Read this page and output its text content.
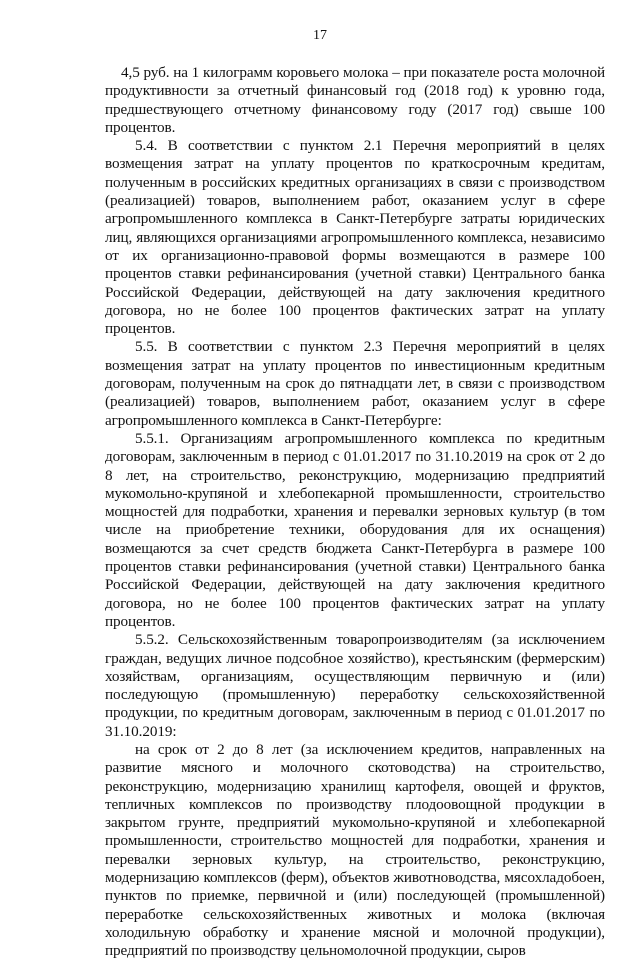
17

4,5 руб. на 1 килограмм коровьего молока – при показателе роста молочной продуктивности за отчетный финансовый год (2018 год) к уровню года, предшествующего отчетному финансовому году (2017 год) свыше 100 процентов.

5.4. В соответствии с пунктом 2.1 Перечня мероприятий в целях возмещения затрат на уплату процентов по краткосрочным кредитам, полученным в российских кредитных организациях в связи с производством (реализацией) товаров, выполнением работ, оказанием услуг в сфере агропромышленного комплекса в Санкт-Петербурге затраты юридических лиц, являющихся организациями агропромышленного комплекса, независимо от их организационно-правовой формы возмещаются в размере 100 процентов ставки рефинансирования (учетной ставки) Центрального банка Российской Федерации, действующей на дату заключения кредитного договора, но не более 100 процентов фактических затрат на уплату процентов.

5.5. В соответствии с пунктом 2.3 Перечня мероприятий в целях возмещения затрат на уплату процентов по инвестиционным кредитным договорам, полученным на срок до пятнадцати лет, в связи с производством (реализацией) товаров, выполнением работ, оказанием услуг в сфере агропромышленного комплекса в Санкт-Петербурге:

5.5.1. Организациям агропромышленного комплекса по кредитным договорам, заключенным в период с 01.01.2017 по 31.10.2019 на срок от 2 до 8 лет, на строительство, реконструкцию, модернизацию предприятий мукомольно-крупяной и хлебопекарной промышленности, строительство мощностей для подработки, хранения и перевалки зерновых культур (в том числе на приобретение техники, оборудования для их оснащения) возмещаются за счет средств бюджета Санкт-Петербурга в размере 100 процентов ставки рефинансирования (учетной ставки) Центрального банка Российской Федерации, действующей на дату заключения кредитного договора, но не более 100 процентов фактических затрат на уплату процентов.

5.5.2. Сельскохозяйственным товаропроизводителям (за исключением граждан, ведущих личное подсобное хозяйство), крестьянским (фермерским) хозяйствам, организациям, осуществляющим первичную и (или) последующую (промышленную) переработку сельскохозяйственной продукции, по кредитным договорам, заключенным в период с 01.01.2017 по 31.10.2019:

на срок от 2 до 8 лет (за исключением кредитов, направленных на развитие мясного и молочного скотоводства) на строительство, реконструкцию, модернизацию хранилищ картофеля, овощей и фруктов, тепличных комплексов по производству плодоовощной продукции в закрытом грунте, предприятий мукомольно-крупяной и хлебопекарной промышленности, строительство мощностей для подработки, хранения и перевалки зерновых культур, на строительство, реконструкцию, модернизацию комплексов (ферм), объектов животноводства, мясохладобоен, пунктов по приемке, первичной и (или) последующей (промышленной) переработке сельскохозяйственных животных и молока (включая холодильную обработку и хранение мясной и молочной продукции), предприятий по производству цельномолочной продукции, сыров
